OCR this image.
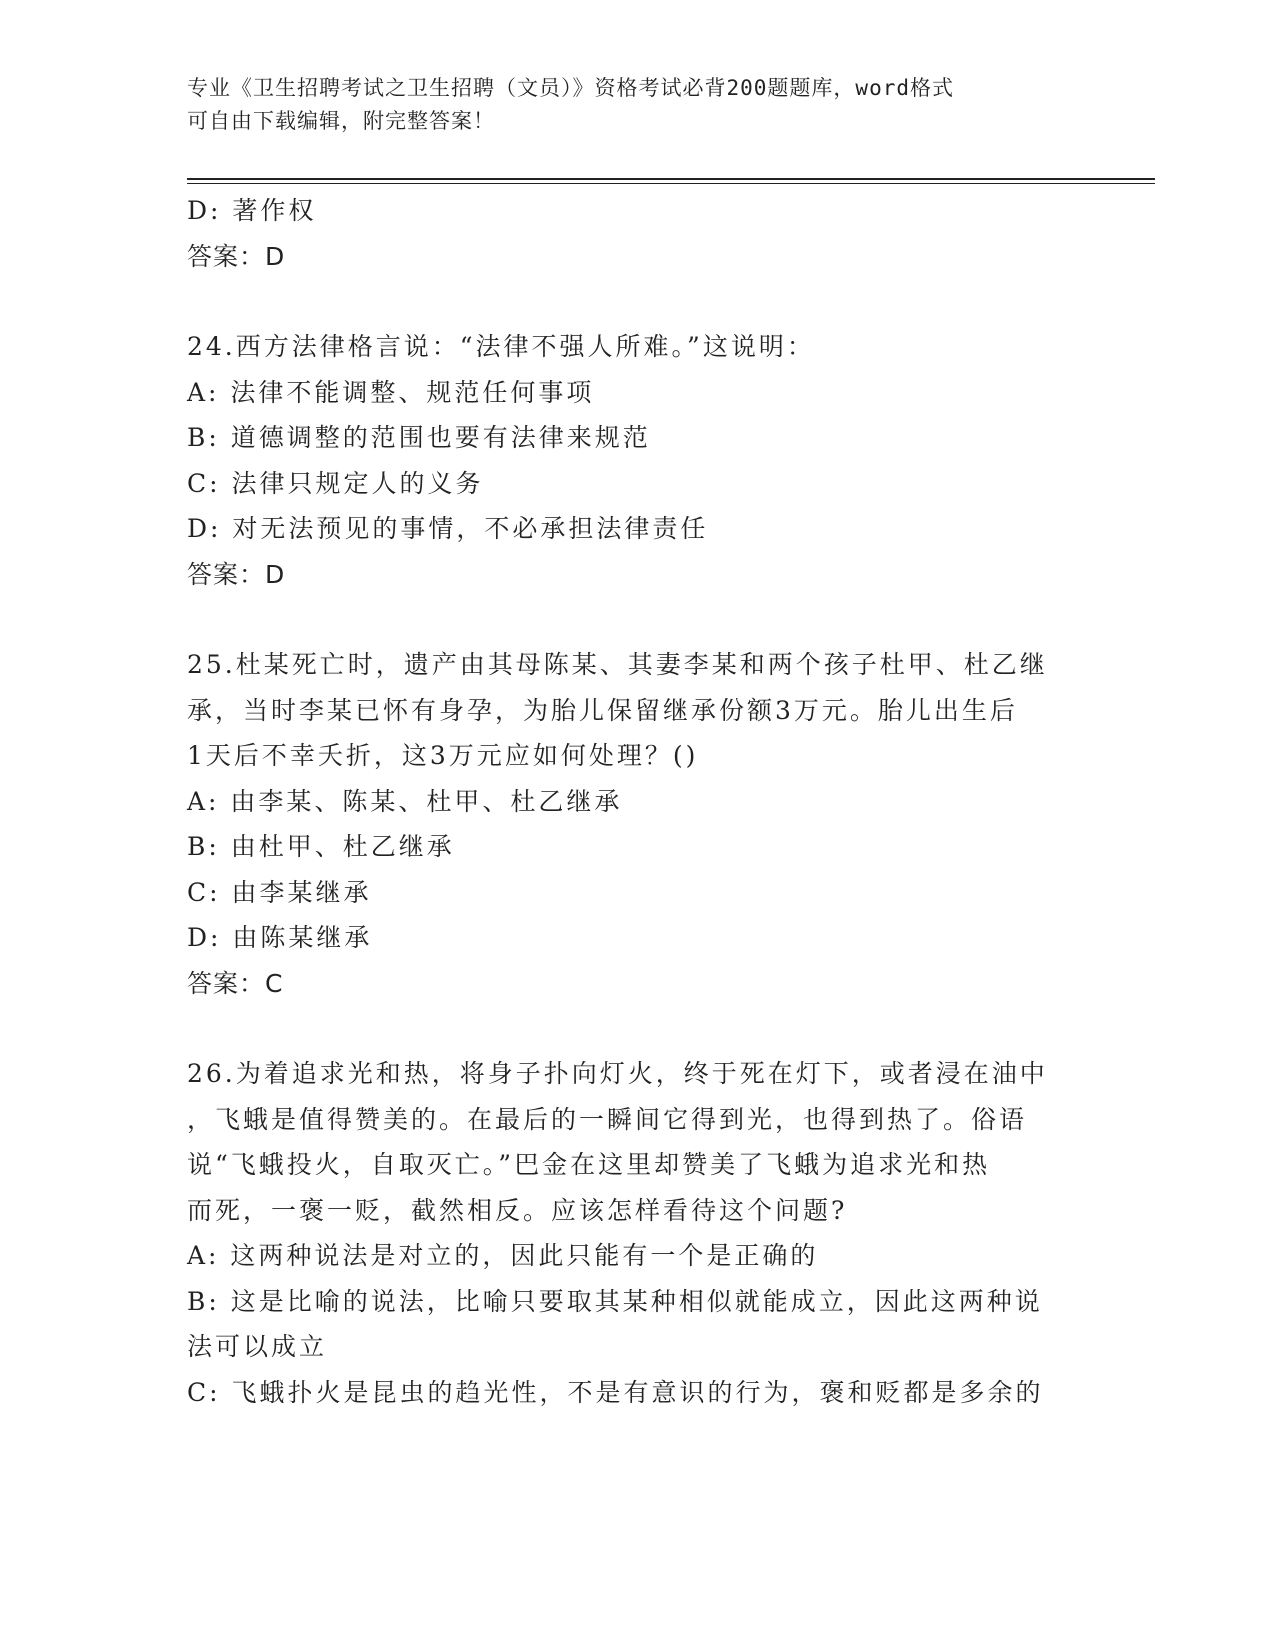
专业《卫生招聘考试之卫生招聘（文员）》资格考试必背200题题库，word格式
可自由下载编辑，附完整答案！
D: 著作权
答案：D
24.西方法律格言说：“法律不强人所难。”这说明：
A: 法律不能调整、规范任何事项
B: 道德调整的范围也要有法律来规范
C: 法律只规定人的义务
D: 对无法预见的事情，不必承担法律责任
答案：D
25.杜某死亡时，遗产由其母陈某、其妻李某和两个孩子杜甲、杜乙继
承，当时李某已怀有身孕，为胎儿保留继承份额3万元。胎儿出生后
1天后不幸夭折，这3万元应如何处理？()
A: 由李某、陈某、杜甲、杜乙继承
B: 由杜甲、杜乙继承
C: 由李某继承
D: 由陈某继承
答案：C
26.为着追求光和热，将身子扑向灯火，终于死在灯下，或者浸在油中
，飞蛾是值得赞美的。在最后的一瞬间它得到光，也得到热了。俗语
说“飞蛾投火，自取灭亡。”巴金在这里却赞美了飞蛾为追求光和热
而死，一褒一贬，截然相反。应该怎样看待这个问题?
A: 这两种说法是对立的，因此只能有一个是正确的
B: 这是比喻的说法，比喻只要取其某种相似就能成立，因此这两种说
法可以成立
C: 飞蛾扑火是昆虫的趋光性，不是有意识的行为，褒和贬都是多余的
